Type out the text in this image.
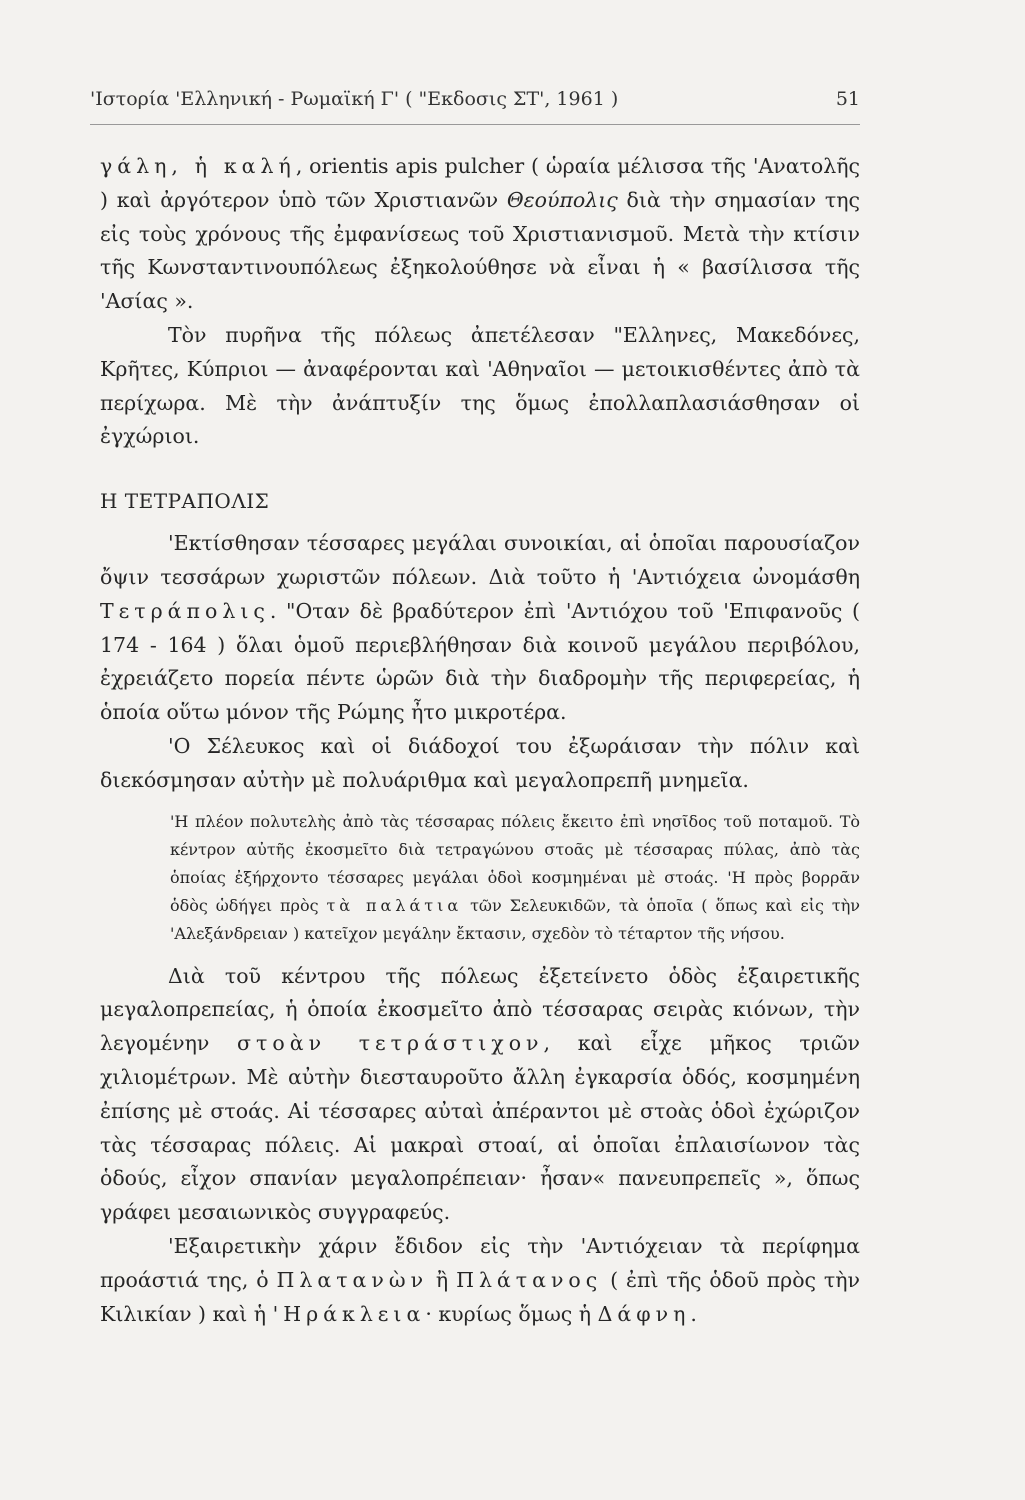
'Ιστορία 'Ελληνική - Ρωμαϊκή Γ' ( "Εκδοσις ΣΤ', 1961 )	51

γάλη, ἡ καλή, orientis apis pulcher ( ὡραία μέλισσα τῆς 'Ανατολῆς ) καὶ ἀργότερον ὑπὸ τῶν Χριστιανῶν Θεούπολις διὰ τὴν σημασίαν της εἰς τοὺς χρόνους τῆς ἐμφανίσεως τοῦ Χριστιανισμοῦ. Μετὰ τὴν κτίσιν τῆς Κωνσταντινουπόλεως ἐξηκολούθησε νὰ εἶναι ἡ « βασίλισσα τῆς 'Ασίας ».

Τὸν πυρῆνα τῆς πόλεως ἀπετέλεσαν "Ελληνες, Μακεδόνες, Κρῆτες, Κύπριοι — ἀναφέρονται καὶ 'Αθηναῖοι — μετοικισθέντες ἀπὸ τὰ περίχωρα. Μὲ τὴν ἀνάπτυξίν της ὅμως ἐπολλαπλασιάσθησαν οἱ ἐγχώριοι.

Η ΤΕΤΡΑΠΟΛΙΣ

'Εκτίσθησαν τέσσαρες μεγάλαι συνοικίαι, αἱ ὁποῖαι παρουσίαζον ὄψιν τεσσάρων χωριστῶν πόλεων. Διὰ τοῦτο ἡ 'Αντιόχεια ὠνομάσθη Τετράπολις. "Οταν δὲ βραδύτερον ἐπὶ 'Αντιόχου τοῦ 'Επιφανοῦς ( 174 - 164 ) ὅλαι ὁμοῦ περιεβλήθησαν διὰ κοινοῦ μεγάλου περιβόλου, ἐχρειάζετο πορεία πέντε ὡρῶν διὰ τὴν διαδρομὴν τῆς περιφερείας, ἡ ὁποία οὕτω μόνον τῆς Ρώμης ἦτο μικροτέρα.

'Ο Σέλευκος καὶ οἱ διάδοχοί του ἐξωράισαν τὴν πόλιν καὶ διεκόσμησαν αὐτὴν μὲ πολυάριθμα καὶ μεγαλοπρεπῆ μνημεῖα.

'Η πλέον πολυτελὴς ἀπὸ τὰς τέσσαρας πόλεις ἔκειτο ἐπὶ νησῖδος τοῦ ποταμοῦ. Τὸ κέντρον αὐτῆς ἐκοσμεῖτο διὰ τετραγώνου στοᾶς μὲ τέσσαρας πύλας, ἀπὸ τὰς ὁποίας ἐξήρχοντο τέσσαρες μεγάλαι ὁδοὶ κοσμημέναι μὲ στοάς. 'Η πρὸς βορρᾶν ὁδὸς ὡδήγει πρὸς τὰ παλάτια τῶν Σελευκιδῶν, τὰ ὁποῖα ( ὅπως καὶ εἰς τὴν 'Αλεξάνδρειαν ) κατεῖχον μεγάλην ἔκτασιν, σχεδὸν τὸ τέταρτον τῆς νήσου.

Διὰ τοῦ κέντρου τῆς πόλεως ἐξετείνετο ὁδὸς ἐξαιρετικῆς μεγαλοπρεπείας, ἡ ὁποία ἐκοσμεῖτο ἀπὸ τέσσαρας σειρὰς κιόνων, τὴν λεγομένην στοὰν τετράστιχον, καὶ εἶχε μῆκος τριῶν χιλιομέτρων. Μὲ αὐτὴν διεσταυροῦτο ἄλλη ἐγκαρσία ὁδός, κοσμημένη ἐπίσης μὲ στοάς. Αἱ τέσσαρες αὐταὶ ἀπέραντοι μὲ στοὰς ὁδοὶ ἐχώριζον τὰς τέσσαρας πόλεις. Αἱ μακραὶ στοαί, αἱ ὁποῖαι ἐπλαισίωνον τὰς ὁδούς, εἶχον σπανίαν μεγαλοπρέπειαν· ἦσαν« πανευπρεπεῖς », ὅπως γράφει μεσαιωνικὸς συγγραφεύς.

'Εξαιρετικὴν χάριν ἔδιδον εἰς τὴν 'Αντιόχειαν τὰ περίφημα προάστιά της, ὁ Πλατανὼν ἢ Πλάτανος ( ἐπὶ τῆς ὁδοῦ πρὸς τὴν Κιλικίαν ) καὶ ἡ 'Ηράκλεια· κυρίως ὅμως ἡ Δάφνη.
